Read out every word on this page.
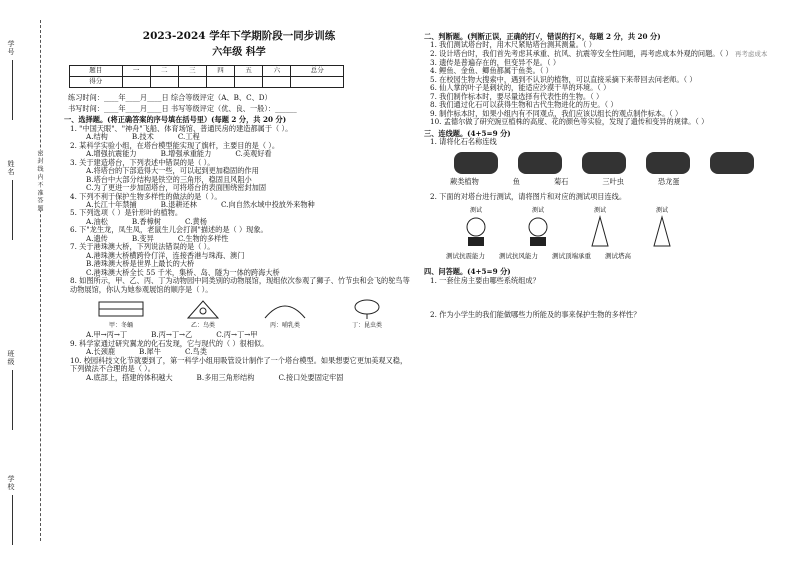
密 封 线 内 不 准 答 题
学号
姓名
班级
学校
2023-2024 学年下学期阶段一同步训练
六年级 科学
题目	一	二	三	四	五	六	总分
得分							
练习时间：____年____月____日 综合等级评定（A、B、C、D）
书写时间：____年____月____日 书写等级评定（优、良、一般）：______
一、选择题。(将正确答案的序号填在括号里）(每题 2 分，共 20 分)
1. "中国天眼"、"神舟"飞船、体育场馆、普通民房的建造都属于（ ）。
A.结构	B.技术	C.工程
2. 某科学实验小组，在塔台模型能实现了旗杆，主要目的是（ ）。
A.增强抗震能力	B.增强承重能力	C.美观好看
3. 关于建造塔台，下列表述中错误的是（ ）。
A.将塔台的下部造得大一些，可以起到更加稳固的作用
B.塔台中大部分结构是铁空的三角形，稳固且风阻小
C.为了更进一步加固塔台，可将塔台的表面围绕密封加固
4. 下列不利于保护生物多样性的做法的是（ ）。
A.长江十年禁捕	B.退耕还林	C.向自然水域中投放外来物种
5. 下列选项（ ）是针形叶的植物。
A.油松	B.香樟树	C.黄杨
6. 下"龙生龙，凤生凤，老鼠生儿会打洞"描述的是（ ）现象。
A.遗传	B.变异	C.生物的多样性
7. 关于港珠澳大桥，下列说法错误的是（ ）。
A.港珠澳大桥横跨伶仃洋，连接香港与珠海、澳门
B.港珠澳大桥是世界上最长的大桥
C.港珠澳大桥全长 55 千米，集桥、岛、隧为一体的跨海大桥
8. 如图所示，甲、乙、丙、丁为动物园中同类别的动物展馆，现组依次参观了狮子、竹节虫和会飞的鸵鸟等动物展馆，你认为她参观展馆的顺序是（ ）。
甲：冬蛹	乙：鸟类	丙：哺乳类	丁：昆虫类
A.甲→丙→丁	B.丙→丁→乙	C.丙→丁→甲
9. 科学家通过研究翼龙的化石发现，它与现代的（ ）很相似。
A.长颈鹿	B.犀牛	C.鸟类
10. 校园科技文化节就要到了，第一科学小组用吸管设计制作了一个塔台模型。如果想要它更加美观又稳，下列做法不合理的是（ ）。
A.底部上，搭建的体积越大	B.多用三角形结构	C.接口处要固定牢固
二、判断题。(判断正误，正确的打√，错误的打×，每题 2 分，共 20 分)
1. 我们测试塔台时，用木尺紧贴塔台测其测量。（ ）
2. 设计塔台时，我们首先考虑其承重、抗风、抗震等安全性问题，再考虑成本外观的问题。（ ） 再考虑成本
3. 遗传是普遍存在的，但变异不是。（ ）
4. 鲤鱼、金鱼、鲫鱼都属于鱼类。（ ）
5. 在校园生物大搜索中，遇到不认识的植物，可以直接采摘下来带回去问老师。（ ）
6. 仙人掌的叶子是刺状的，能适应沙漠干旱的环境。（ ）
7. 我们制作标本时，要尽量选择有代表性的生物。（ ）
8. 我们通过化石可以获得生物和古代生物进化的历史。（ ）
9. 制作标本时，如果小组内有不同观点，我们应该以组长的观点制作标本。（ ）
10. 孟德尔做了研究豌豆植株的高度、花的颜色等实验，发现了遗传和变异的规律。（ ）
三、连线题。(4+5=9 分)
1. 请将化石名称连线
蕨类植物	鱼	菊石	三叶虫	恐龙蛋
2. 下面的对塔台进行测试，请将图片和对应的测试项目连线。
测试	测试	测试	测试
测试抗震能力 测试抗风能力 测试顶端承重 测试塔高
四、问答题。(4+5=9 分)
1. 一套住房主要由哪些系统组成？
2. 作为小学生的我们能做哪些力所能及的事来保护生物的多样性？
